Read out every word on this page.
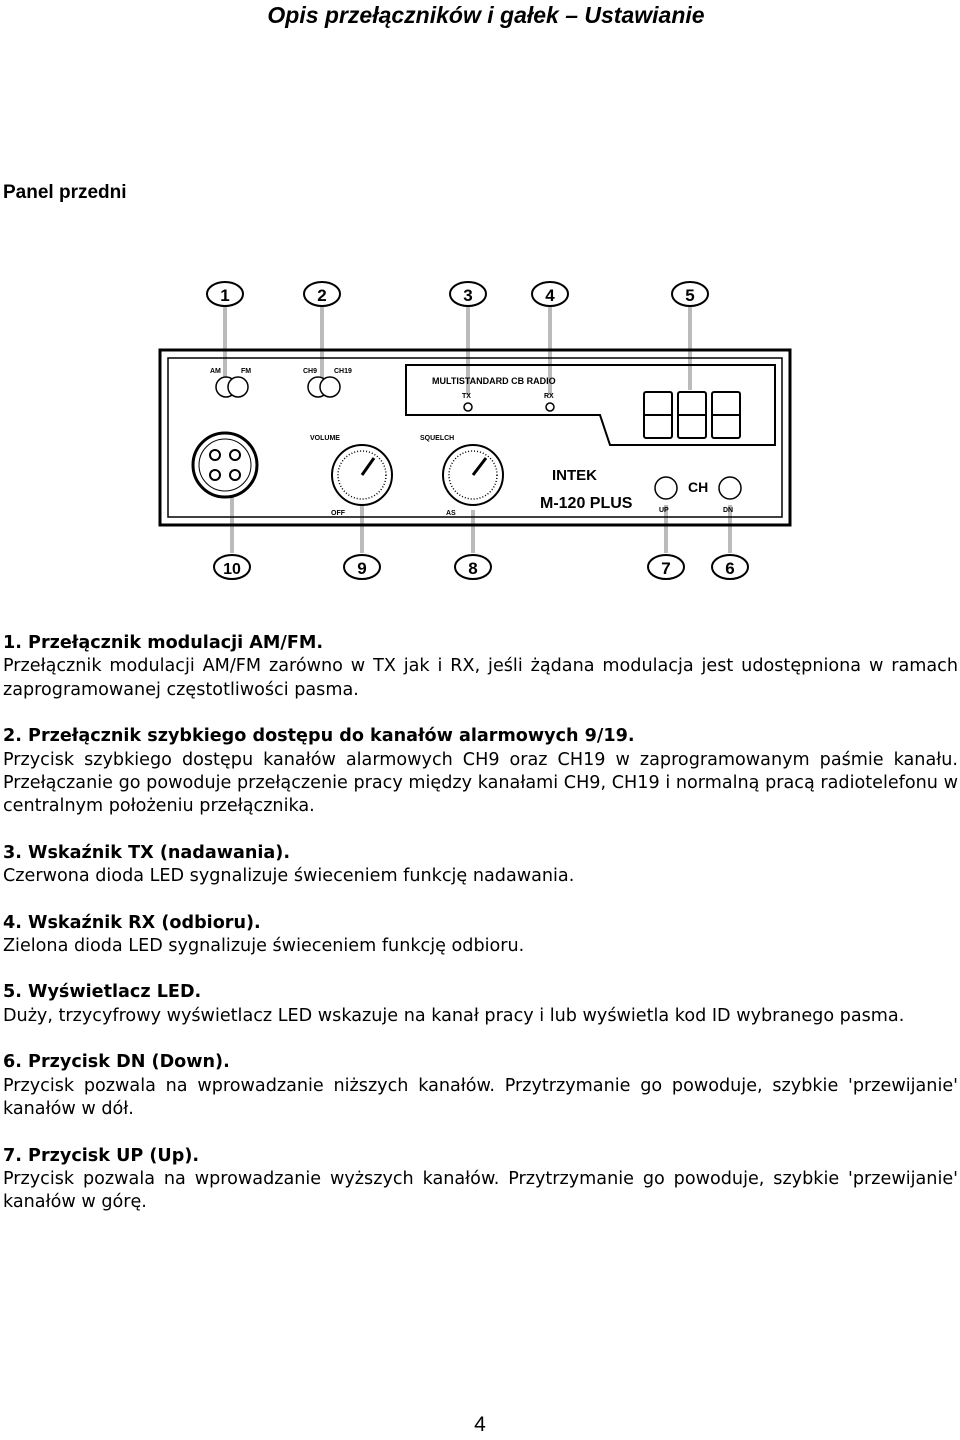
Opis przełączników i gałek – Ustawianie
Panel przedni
1	2	3	4	5
10	9	8	7	6
AM	FM	CH9 CH19
VOLUME
OFF
SQUELCH
AS
MULTISTANDARD CB RADIO
TX	RX
INTEK
M-120 PLUS	UP
CH
DN
1. Przełącznik modulacji AM/FM.
Przełącznik modulacji AM/FM zarówno w TX jak i RX, jeśli żądana modulacja jest udostępniona w ramach zaprogramowanej częstotliwości pasma.
2. Przełącznik szybkiego dostępu do kanałów alarmowych 9/19.
Przycisk szybkiego dostępu kanałów alarmowych CH9 oraz CH19 w zaprogramowanym paśmie kanału. Przełączanie go powoduje przełączenie pracy między kanałami CH9, CH19 i normalną pracą radiotelefonu w centralnym położeniu przełącznika.
3. Wskaźnik TX (nadawania).
Czerwona dioda LED sygnalizuje świeceniem funkcję nadawania.
4. Wskaźnik RX (odbioru).
Zielona dioda LED sygnalizuje świeceniem funkcję odbioru.
5. Wyświetlacz LED.
Duży, trzycyfrowy wyświetlacz LED wskazuje na kanał pracy i lub wyświetla kod ID wybranego pasma.
6. Przycisk DN (Down).
Przycisk pozwala na wprowadzanie niższych kanałów. Przytrzymanie go powoduje, szybkie 'przewijanie' kanałów w dół.
7. Przycisk UP (Up).
Przycisk pozwala na wprowadzanie wyższych kanałów. Przytrzymanie go powoduje, szybkie 'przewijanie' kanałów w górę.
4
